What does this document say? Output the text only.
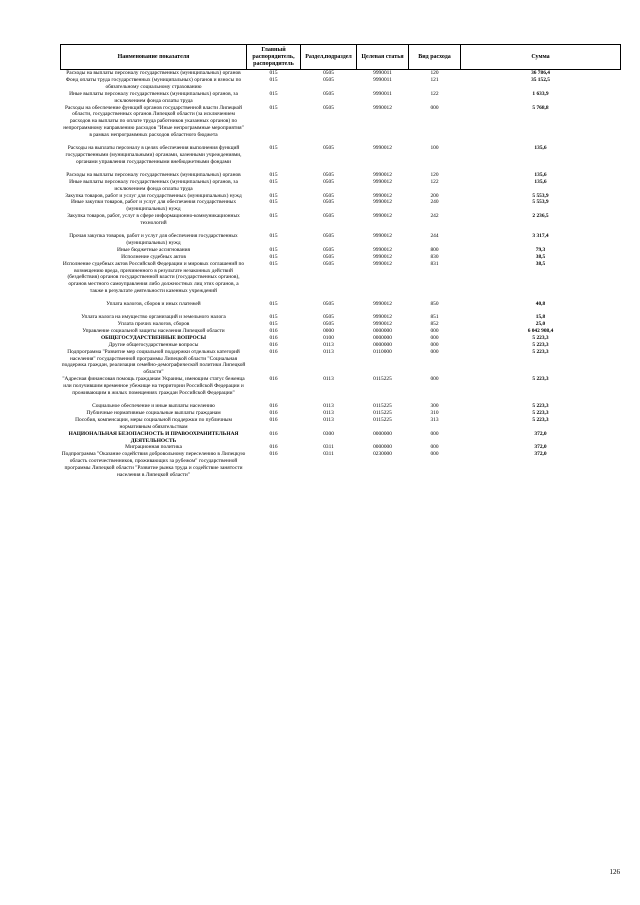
Наименование показателя	Главный распорядитель, распорядитель	Раздел,подраздел	Целевая статья	Вид расхода	Сумма
Расходы на выплаты персоналу государственных (муниципальных) органов	015	0505	9990011	120	36 786,4
Фонд оплаты труда государственных (муниципальных) органов и взносы по обязательному социальному страхованию	015	0505	9990011	121	35 152,5
Иные выплаты персоналу государственных (муниципальных) органов, за исключением фонда оплаты труда	015	0505	9990011	122	1 633,9
Расходы на обеспечение функций органов государственной власти Липецкой области, государственных органов Липецкой области (за исключением расходов на выплаты по оплате труда работников указанных органов) по непрограммному направлению расходов "Иные непрограммные мероприятия" в рамках непрограммных расходов областного бюджета	015	0505	9990012	000	5 768,8

Расходы на выплаты персоналу в целях обеспечения выполнения функций государственными (муниципальными) органами, казенными учреждениями, органами управления государственными внебюджетными фондами	015	0505	9990012	100	135,6

Расходы на выплаты персоналу государственных (муниципальных) органов	015	0505	9990012	120	135,6
Иные выплаты персоналу государственных (муниципальных) органов, за исключением фонда оплаты труда	015	0505	9990012	122	135,6
Закупка товаров, работ и услуг для государственных (муниципальных) нужд	015	0505	9990012	200	5 553,9
Иные закупки товаров, работ и услуг для обеспечения государственных (муниципальных) нужд	015	0505	9990012	240	5 553,9
Закупка товаров, работ, услуг в сфере информационно-коммуникационных технологий	015	0505	9990012	242	2 236,5

Прочая закупка товаров, работ и услуг для обеспечения государственных (муниципальных) нужд	015	0505	9990012	244	3 317,4
Иные бюджетные ассигнования	015	0505	9990012	800	79,3
Исполнение судебных актов	015	0505	9990012	830	38,5
Исполнение судебных актов Российской Федерации и мировых соглашений по возмещению вреда, причиненного в результате незаконных действий (бездействия) органов государственной власти (государственных органов), органов местного самоуправления либо должностных лиц этих органов, а также в результате деятельности казенных учреждений	015	0505	9990012	831	38,5

Уплата налогов, сборов и иных платежей	015	0505	9990012	850	40,8

Уплата налога на имущество организаций и земельного налога	015	0505	9990012	851	15,8
Уплата прочих налогов, сборов	015	0505	9990012	852	25,0
Управление социальной защиты населения Липецкой области	016	0000	0000000	000	6 042 908,4
ОБЩЕГОСУДАРСТВЕННЫЕ ВОПРОСЫ	016	0100	0000000	000	5 223,3
Другие общегосударственные вопросы	016	0113	0000000	000	5 223,3
Подпрограмма "Развитие мер социальной поддержки отдельных категорий населения" государственной программы Липецкой области "Социальная поддержка граждан, реализация семейно-демографической политики Липецкой области"	016	0113	0110000	000	5 223,3
"Адресная финансовая помощь гражданам Украины, имеющим статус беженца или получившим временное убежище на территории Российской Федерации и проживающим в жилых помещениях граждан Российской Федерации"	016	0113	0115225	000	5 223,3

Социальное обеспечение и иные выплаты населению	016	0113	0115225	300	5 223,3
Публичные нормативные социальные выплаты гражданам	016	0113	0115225	310	5 223,3
Пособия, компенсации, меры социальной поддержки по публичным нормативным обязательствам	016	0113	0115225	313	5 223,3
НАЦИОНАЛЬНАЯ БЕЗОПАСНОСТЬ И ПРАВООХРАНИТЕЛЬНАЯ ДЕЯТЕЛЬНОСТЬ	016	0300	0000000	000	372,0
Миграционная политика	016	0311	0000000	000	372,0
Подпрограмма "Оказание содействия добровольному переселению в Липецкую область соотечественников, проживающих за рубежом" государственной программы Липецкой области "Развитие рынка труда и содействие занятости населения в Липецкой области"	016	0311	0230000	000	372,0
126
